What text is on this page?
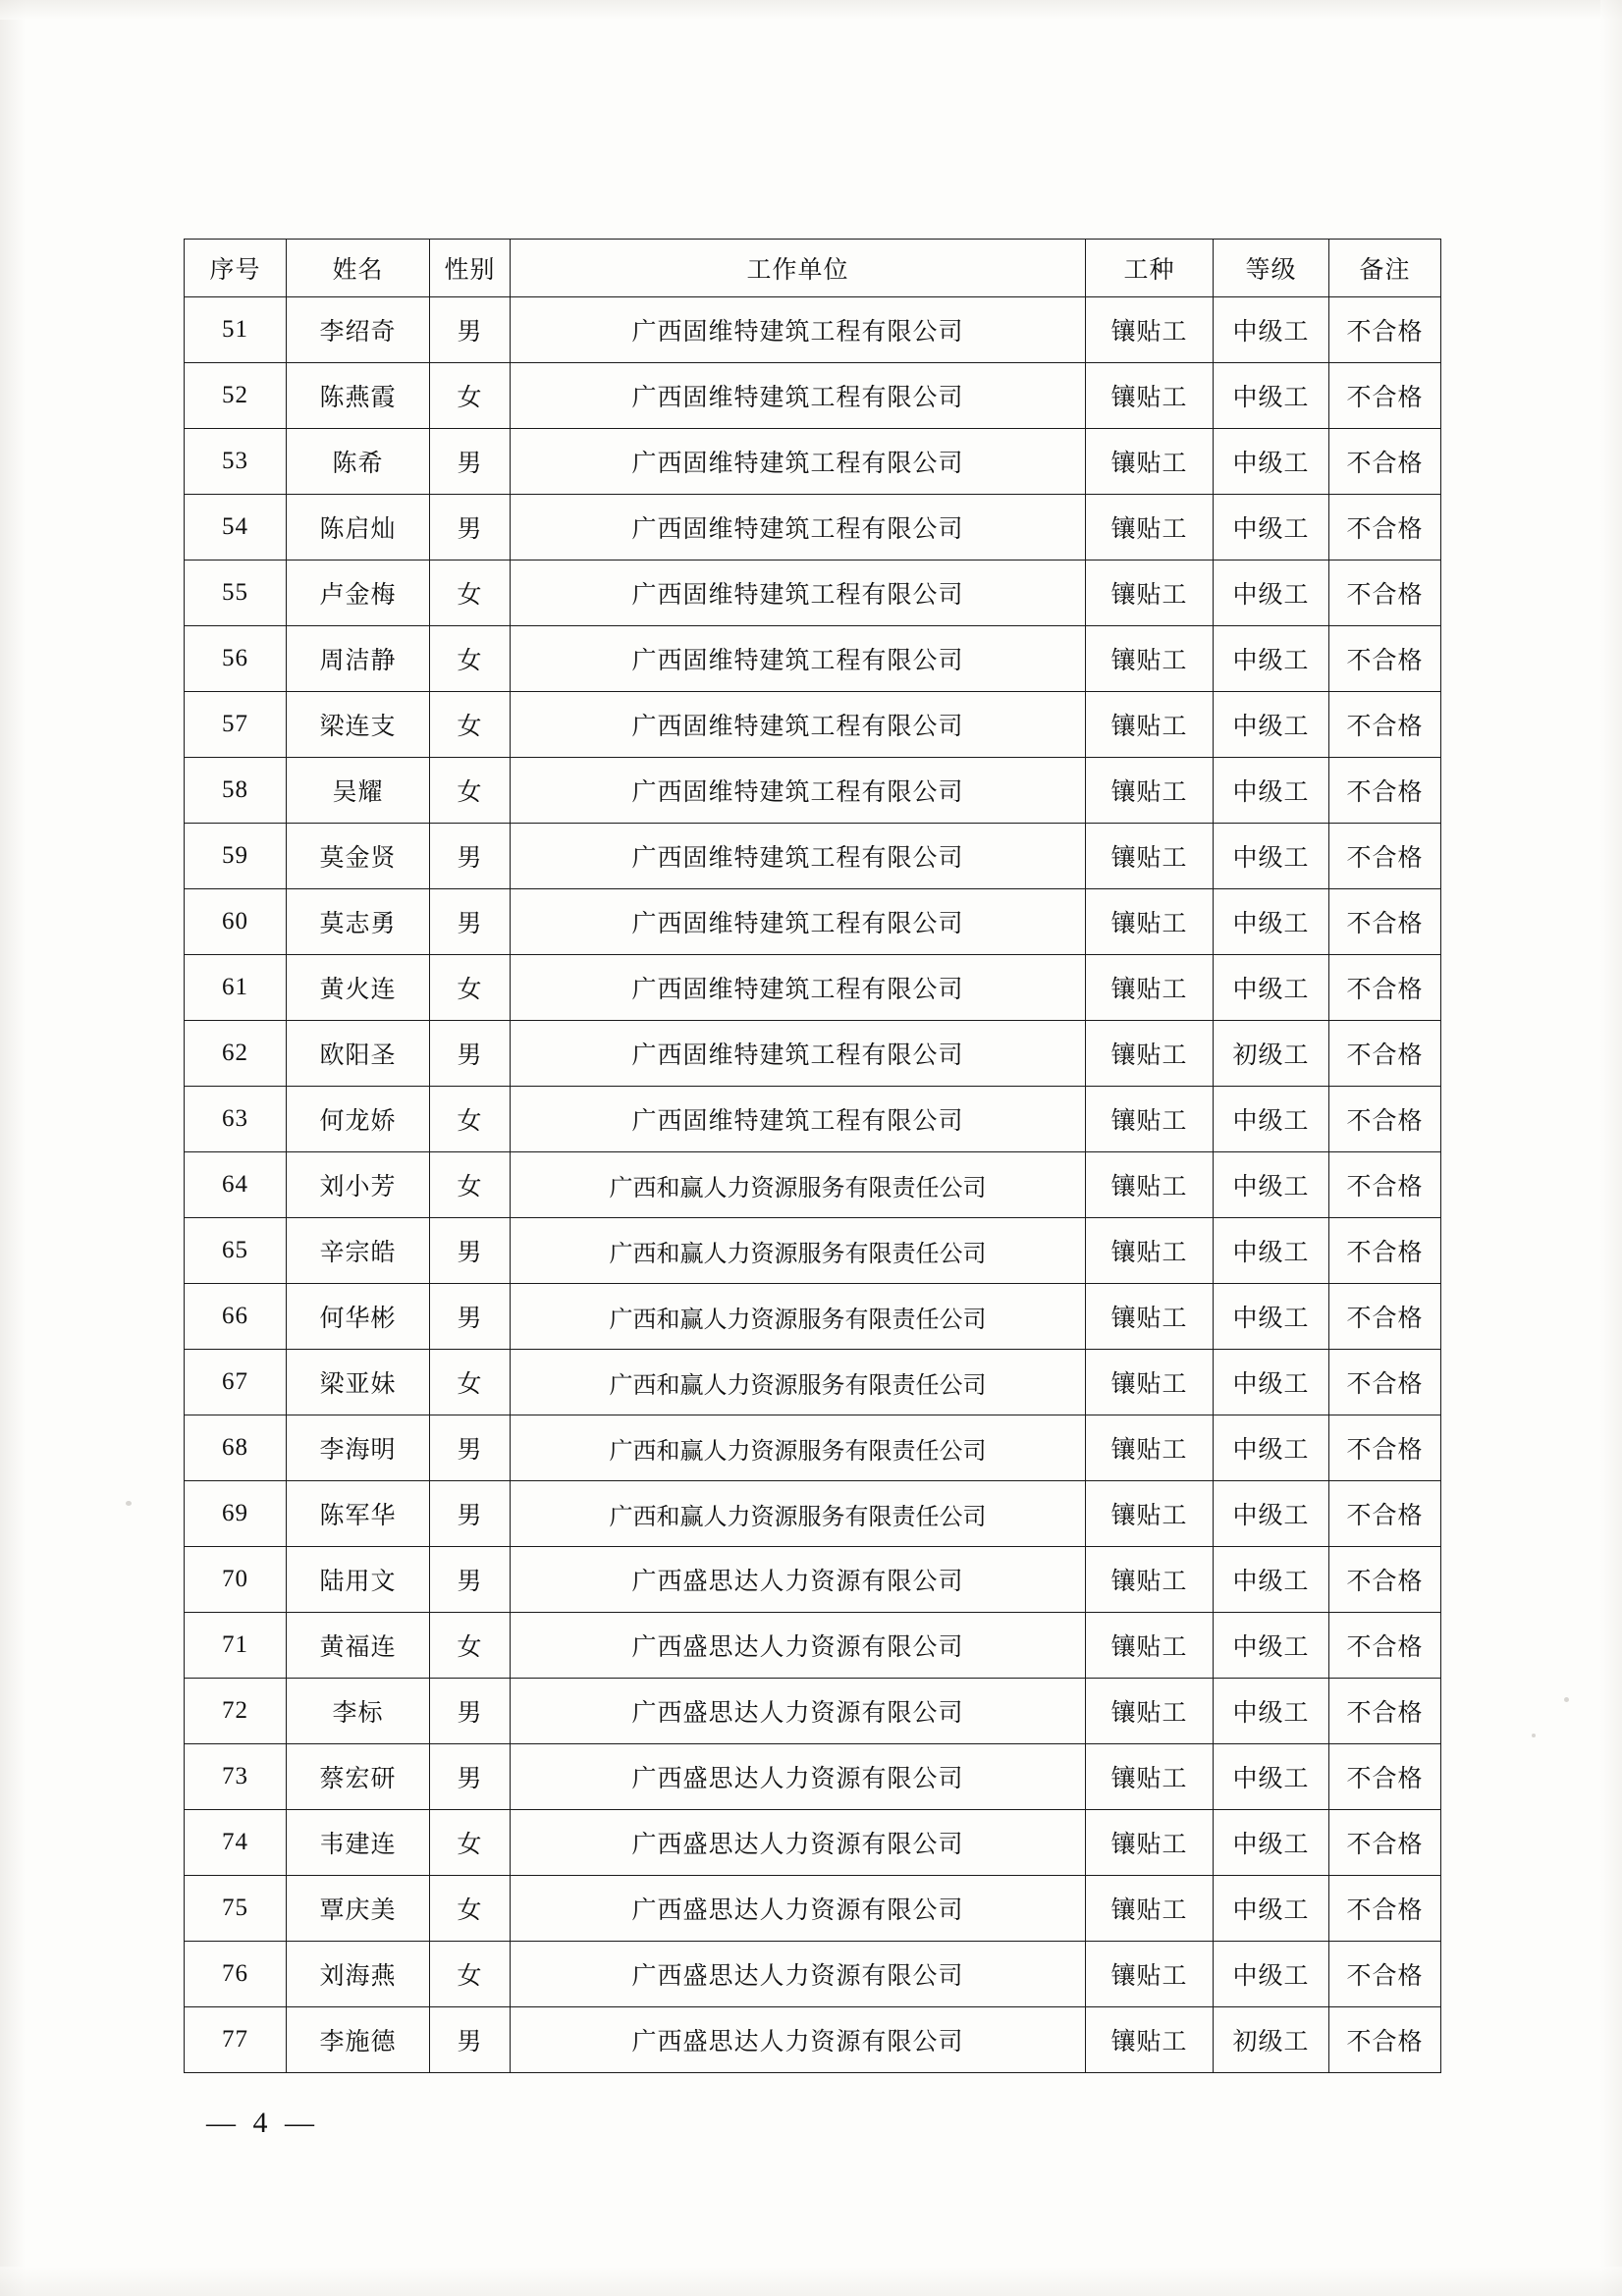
序号	姓名	性别	工作单位	工种	等级	备注
51	李绍奇	男	广西固维特建筑工程有限公司	镶贴工	中级工	不合格
52	陈燕霞	女	广西固维特建筑工程有限公司	镶贴工	中级工	不合格
53	陈希	男	广西固维特建筑工程有限公司	镶贴工	中级工	不合格
54	陈启灿	男	广西固维特建筑工程有限公司	镶贴工	中级工	不合格
55	卢金梅	女	广西固维特建筑工程有限公司	镶贴工	中级工	不合格
56	周洁静	女	广西固维特建筑工程有限公司	镶贴工	中级工	不合格
57	梁连支	女	广西固维特建筑工程有限公司	镶贴工	中级工	不合格
58	吴耀	女	广西固维特建筑工程有限公司	镶贴工	中级工	不合格
59	莫金贤	男	广西固维特建筑工程有限公司	镶贴工	中级工	不合格
60	莫志勇	男	广西固维特建筑工程有限公司	镶贴工	中级工	不合格
61	黄火连	女	广西固维特建筑工程有限公司	镶贴工	中级工	不合格
62	欧阳圣	男	广西固维特建筑工程有限公司	镶贴工	初级工	不合格
63	何龙娇	女	广西固维特建筑工程有限公司	镶贴工	中级工	不合格
64	刘小芳	女	广西和赢人力资源服务有限责任公司	镶贴工	中级工	不合格
65	辛宗皓	男	广西和赢人力资源服务有限责任公司	镶贴工	中级工	不合格
66	何华彬	男	广西和赢人力资源服务有限责任公司	镶贴工	中级工	不合格
67	梁亚妹	女	广西和赢人力资源服务有限责任公司	镶贴工	中级工	不合格
68	李海明	男	广西和赢人力资源服务有限责任公司	镶贴工	中级工	不合格
69	陈军华	男	广西和赢人力资源服务有限责任公司	镶贴工	中级工	不合格
70	陆用文	男	广西盛思达人力资源有限公司	镶贴工	中级工	不合格
71	黄福连	女	广西盛思达人力资源有限公司	镶贴工	中级工	不合格
72	李标	男	广西盛思达人力资源有限公司	镶贴工	中级工	不合格
73	蔡宏研	男	广西盛思达人力资源有限公司	镶贴工	中级工	不合格
74	韦建连	女	广西盛思达人力资源有限公司	镶贴工	中级工	不合格
75	覃庆美	女	广西盛思达人力资源有限公司	镶贴工	中级工	不合格
76	刘海燕	女	广西盛思达人力资源有限公司	镶贴工	中级工	不合格
77	李施德	男	广西盛思达人力资源有限公司	镶贴工	初级工	不合格
— 4 —
